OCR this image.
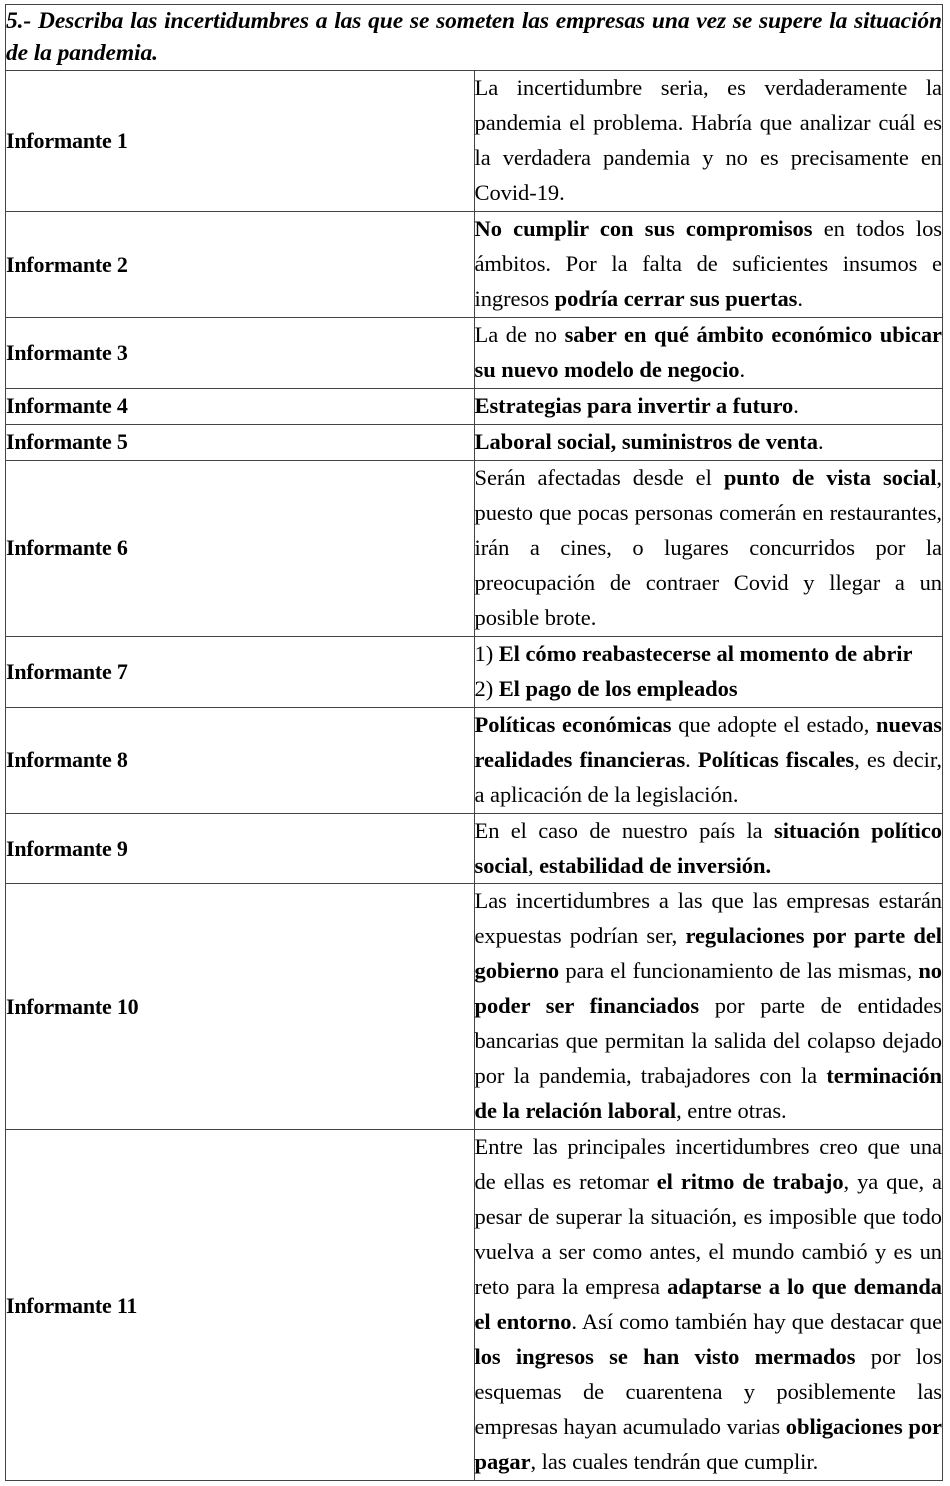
5.- Describa las incertidumbres a las que se someten las empresas una vez se supere la situación de la pandemia.	

Informante 1	La incertidumbre seria, es verdaderamente la pandemia el problema. Habría que analizar cuál es la verdadera pandemia y no es precisamente en Covid-19.

Informante 2	No cumplir con sus compromisos en todos los ámbitos. Por la falta de suficientes insumos e ingresos podría cerrar sus puertas.

Informante 3	La de no saber en qué ámbito económico ubicar su nuevo modelo de negocio.

Informante 4	Estrategias para invertir a futuro.

Informante 5	Laboral social, suministros de venta.

Informante 6	Serán afectadas desde el punto de vista social, puesto que pocas personas comerán en restaurantes, irán a cines, o lugares concurridos por la preocupación de contraer Covid y llegar a un posible brote.

Informante 7	1) El cómo reabastecerse al momento de abrir
2) El pago de los empleados

Informante 8	Políticas económicas que adopte el estado, nuevas realidades financieras. Políticas fiscales, es decir, a aplicación de la legislación.

Informante 9	En el caso de nuestro país la situación político social, estabilidad de inversión.

Informante 10	Las incertidumbres a las que las empresas estarán expuestas podrían ser, regulaciones por parte del gobierno para el funcionamiento de las mismas, no poder ser financiados por parte de entidades bancarias que permitan la salida del colapso dejado por la pandemia, trabajadores con la terminación de la relación laboral, entre otras.

Informante 11	Entre las principales incertidumbres creo que una de ellas es retomar el ritmo de trabajo, ya que, a pesar de superar la situación, es imposible que todo vuelva a ser como antes, el mundo cambió y es un reto para la empresa adaptarse a lo que demanda el entorno. Así como también hay que destacar que los ingresos se han visto mermados por los esquemas de cuarentena y posiblemente las empresas hayan acumulado varias obligaciones por pagar, las cuales tendrán que cumplir.
